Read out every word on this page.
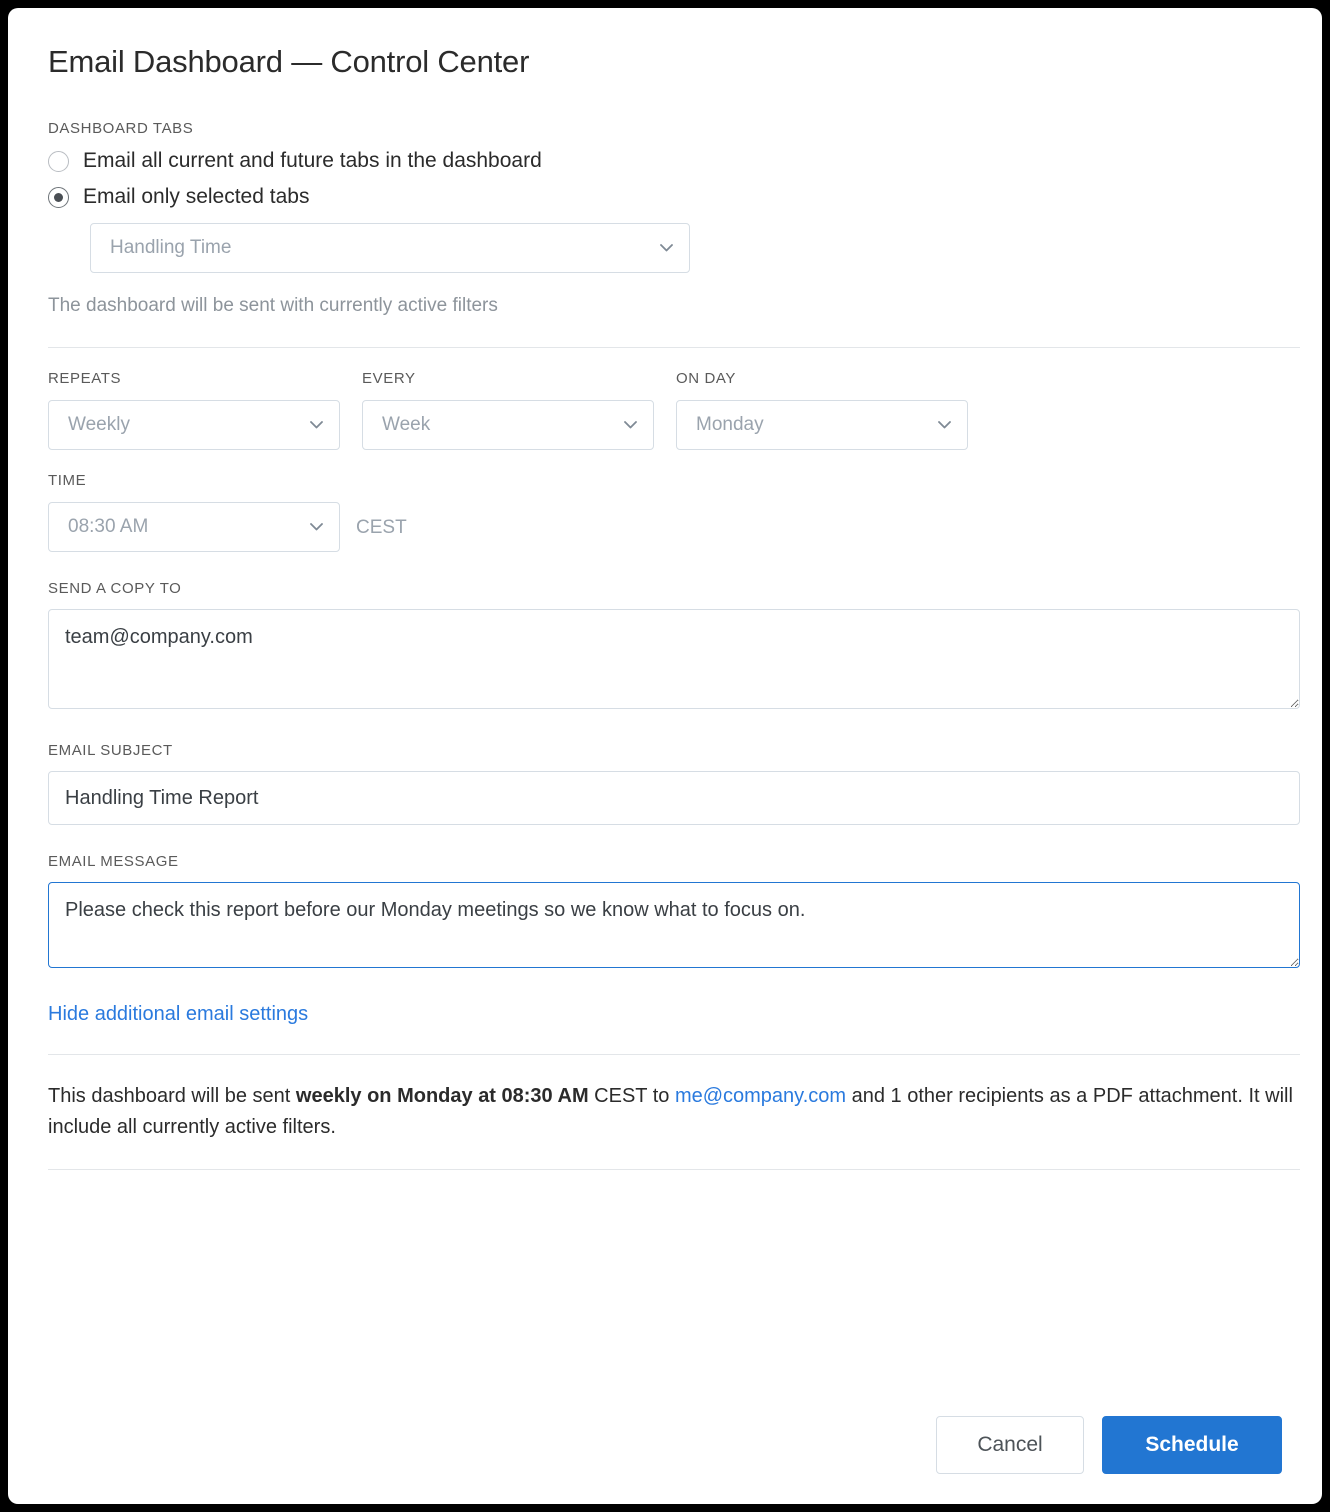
Email Dashboard — Control Center
DASHBOARD TABS
Email all current and future tabs in the dashboard
Email only selected tabs
Handling Time
The dashboard will be sent with currently active filters
REPEATS
Weekly
EVERY
Week
ON DAY
Monday
TIME
08:30 AM	CEST
SEND A COPY TO
team@company.com
EMAIL SUBJECT
Handling Time Report
EMAIL MESSAGE
Please check this report before our Monday meetings so we know what to focus on.
Hide additional email settings
This dashboard will be sent weekly on Monday at 08:30 AM CEST to me@company.com and 1 other recipients as a PDF attachment. It will include all currently active filters.
Cancel	Schedule
